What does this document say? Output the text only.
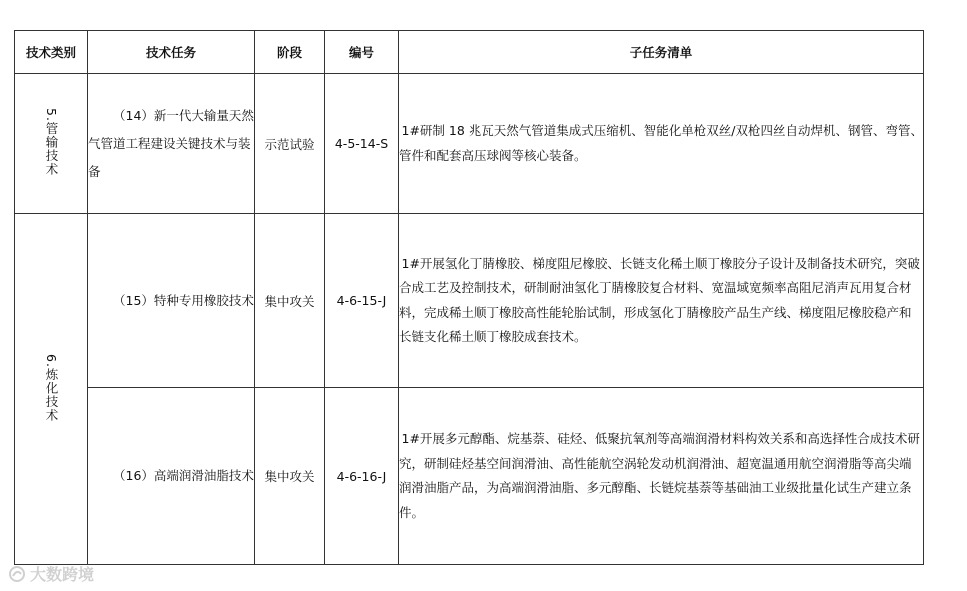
技术类别	技术任务	阶段	编号	子任务清单
5.管输技术	（14）新一代大输量天然气管道工程建设关键技术与装备	示范试验	4-5-14-S	1#研制 18 兆瓦天然气管道集成式压缩机、智能化单枪双丝/双枪四丝自动焊机、钢管、弯管、管件和配套高压球阀等核心装备。
6.炼化技术	（15）特种专用橡胶技术	集中攻关	4-6-15-J	1#开展氢化丁腈橡胶、梯度阻尼橡胶、长链支化稀土顺丁橡胶分子设计及制备技术研究，突破合成工艺及控制技术，研制耐油氢化丁腈橡胶复合材料、宽温域宽频率高阻尼消声瓦用复合材料，完成稀土顺丁橡胶高性能轮胎试制，形成氢化丁腈橡胶产品生产线、梯度阻尼橡胶稳产和长链支化稀土顺丁橡胶成套技术。
	（16）高端润滑油脂技术	集中攻关	4-6-16-J	1#开展多元醇酯、烷基萘、硅烃、低聚抗氧剂等高端润滑材料构效关系和高选择性合成技术研究，研制硅烃基空间润滑油、高性能航空涡轮发动机润滑油、超宽温通用航空润滑脂等高尖端润滑油脂产品，为高端润滑油脂、多元醇酯、长链烷基萘等基础油工业级批量化试生产建立条件。
大数跨境
